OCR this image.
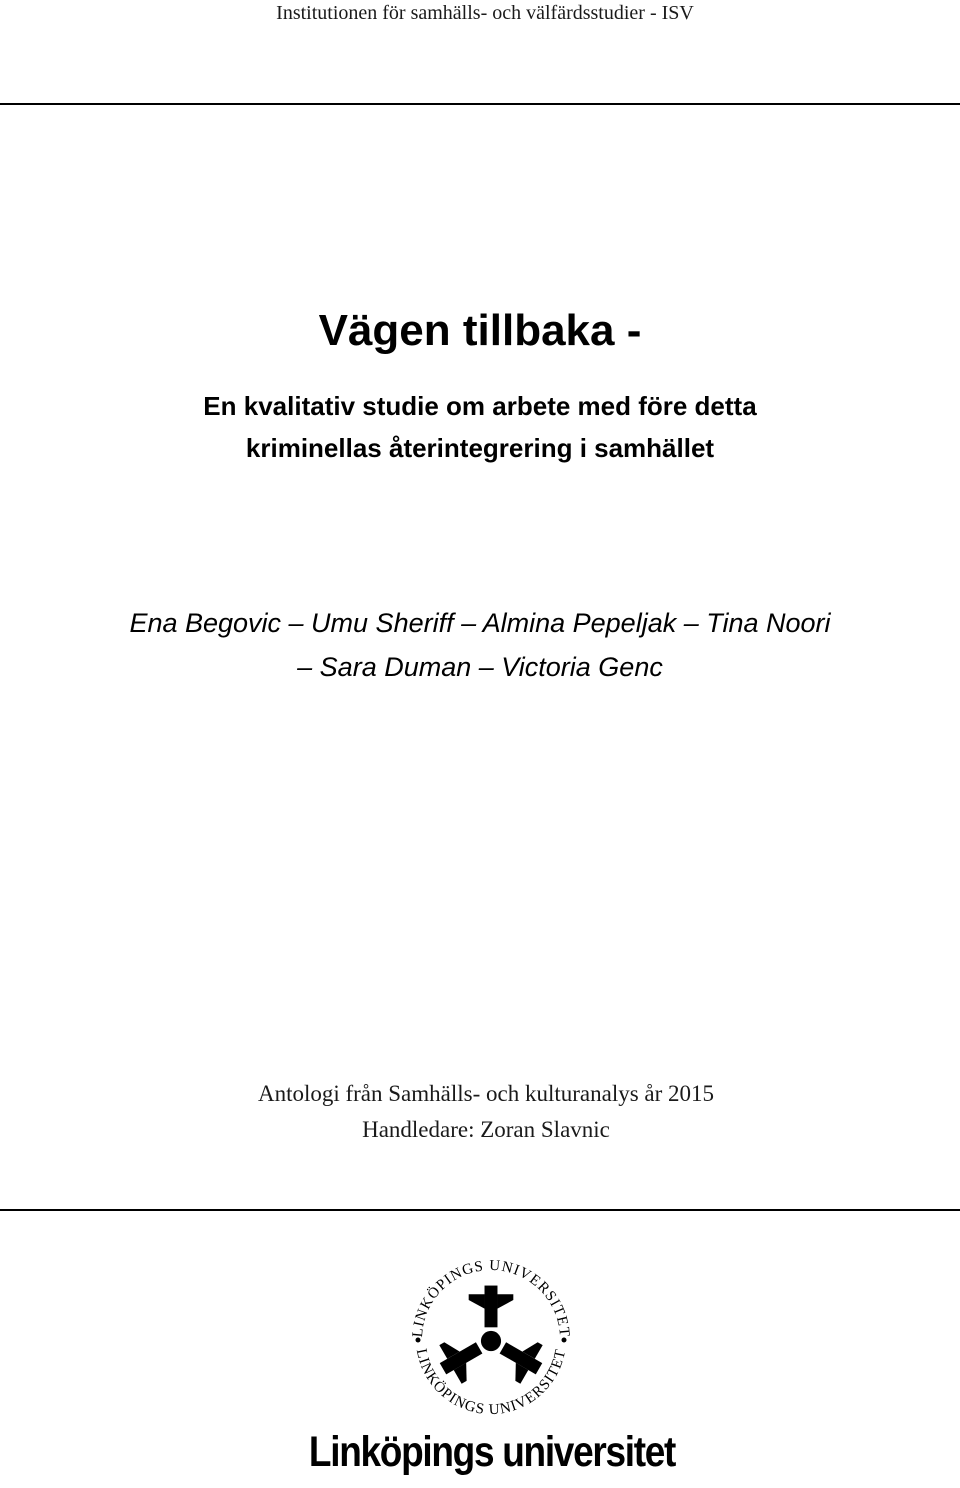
Institutionen för samhälls- och välfärdsstudier - ISV
Vägen tillbaka -
En kvalitativ studie om arbete med före detta
kriminellas återintegrering i samhället
Ena Begovic – Umu Sheriff – Almina Pepeljak – Tina Noori
– Sara Duman – Victoria Genc
Antologi från Samhälls- och kulturanalys år 2015
Handledare: Zoran Slavnic
LINKÖPINGS UNIVERSITET
LINKÖPINGS UNIVERSITET
Linköpings universitet
